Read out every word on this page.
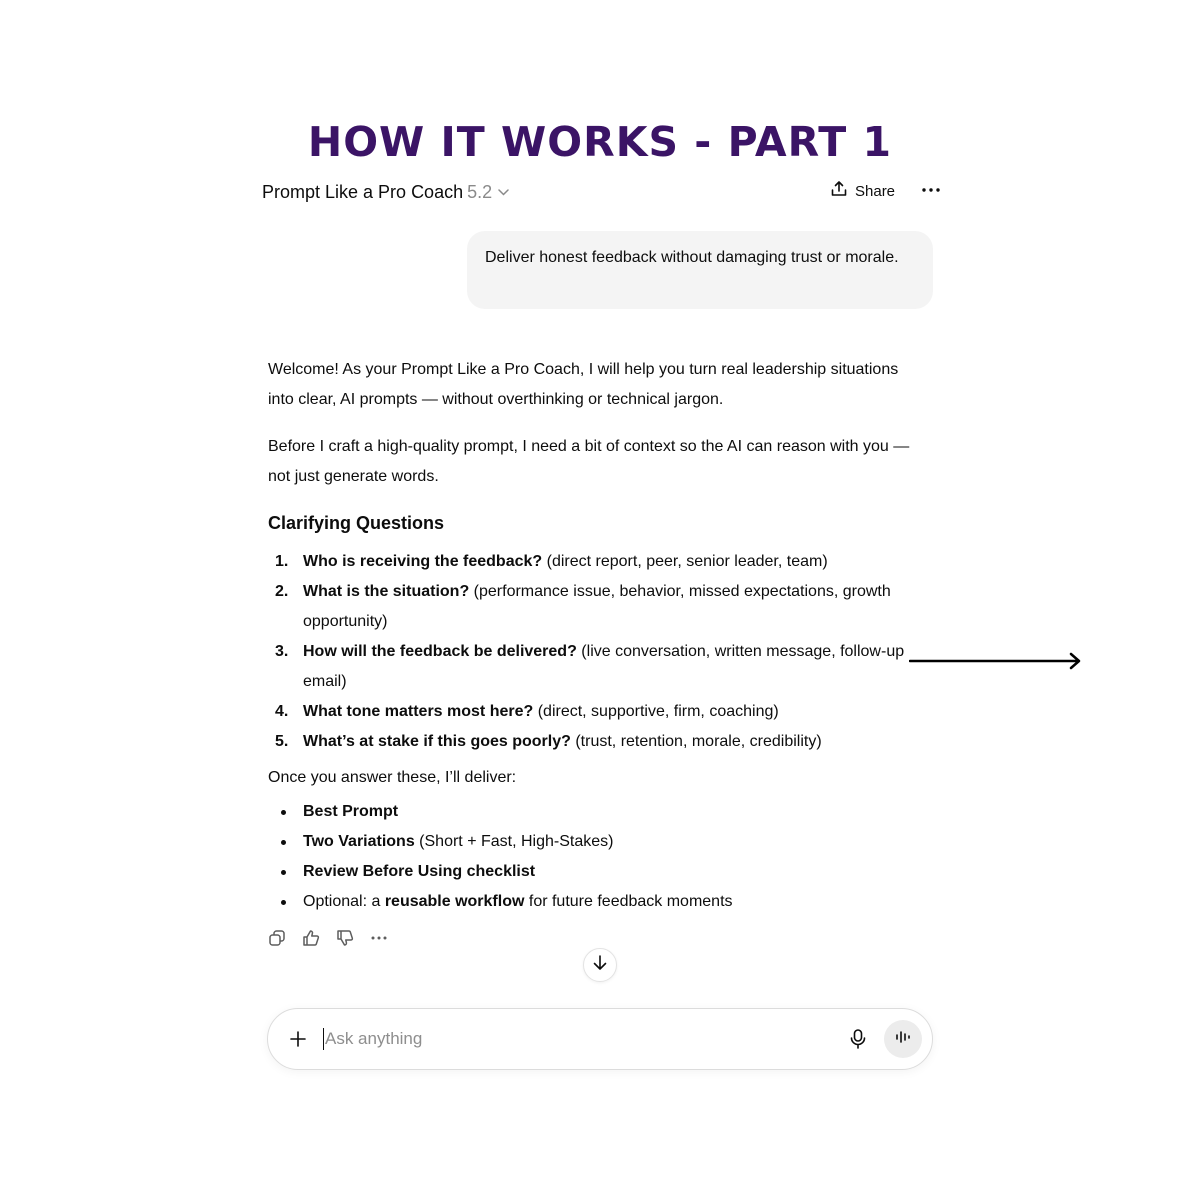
HOW IT WORKS - PART 1
Prompt Like a Pro Coach 5.2	Share
Deliver honest feedback without damaging trust or morale.

Welcome! As your Prompt Like a Pro Coach, I will help you turn real leadership situations into clear, AI prompts — without overthinking or technical jargon.

Before I craft a high-quality prompt, I need a bit of context so the AI can reason with you — not just generate words.

Clarifying Questions
1. Who is receiving the feedback? (direct report, peer, senior leader, team)
2. What is the situation? (performance issue, behavior, missed expectations, growth opportunity)
3. How will the feedback be delivered? (live conversation, written message, follow-up email)
4. What tone matters most here? (direct, supportive, firm, coaching)
5. What’s at stake if this goes poorly? (trust, retention, morale, credibility)
Once you answer these, I’ll deliver:
Best Prompt
Two Variations (Short + Fast, High-Stakes)
Review Before Using checklist
Optional: a reusable workflow for future feedback moments
Ask anything
